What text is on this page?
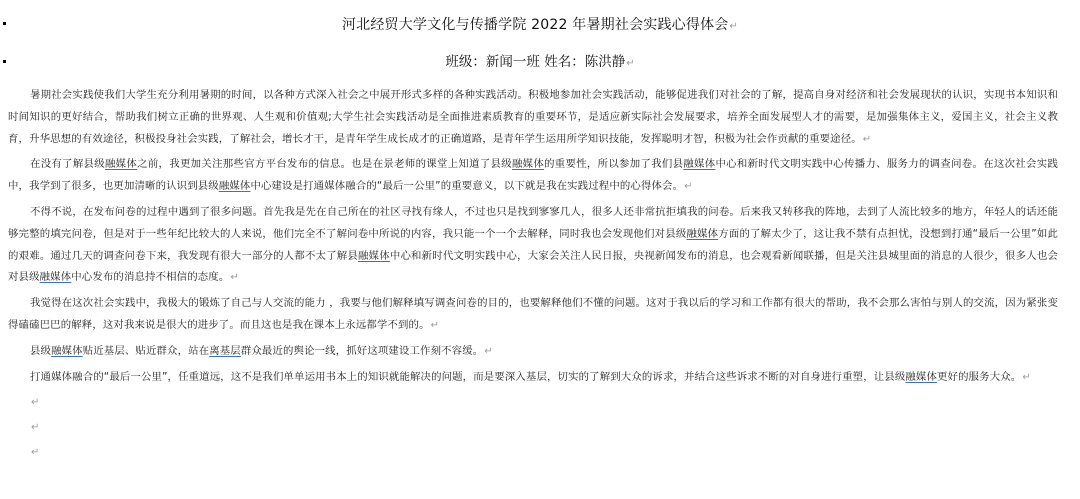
河北经贸大学文化与传播学院 2022 年暑期社会实践心得体会↵
班级：新闻一班 姓名：陈洪静↵

暑期社会实践使我们大学生充分利用暑期的时间，以各种方式深入社会之中展开形式多样的各种实践活动。积极地参加社会实践活动，能够促进我们对社会的了解，提高自身对经济和社会发展现状的认识，实现书本知识和时间知识的更好结合，帮助我们树立正确的世界观、人生观和价值观;大学生社会实践活动是全面推进素质教育的重要环节，是适应新实际社会发展要求，培养全面发展型人才的需要，是加强集体主义，爱国主义，社会主义教育，升华思想的有效途径，积极投身社会实践，了解社会，增长才干，是青年学生成长成才的正确道路，是青年学生运用所学知识技能，发挥聪明才智，积极为社会作贡献的重要途径。↵

在没有了解县级融媒体之前，我更加关注那些官方平台发布的信息。也是在景老师的课堂上知道了县级融媒体的重要性，所以参加了我们县融媒体中心和新时代文明实践中心传播力、服务力的调查问卷。在这次社会实践中，我学到了很多，也更加清晰的认识到县级融媒体中心建设是打通媒体融合的“最后一公里”的重要意义，以下就是我在实践过程中的心得体会。↵

不得不说，在发布问卷的过程中遇到了很多问题。首先我是先在自己所在的社区寻找有缘人，不过也只是找到寥寥几人，很多人还非常抗拒填我的问卷。后来我又转移我的阵地，去到了人流比较多的地方，年轻人的话还能够完整的填完问卷，但是对于一些年纪比较大的人来说，他们完全不了解问卷中所说的内容，我只能一个一个去解释，同时我也会发现他们对县级融媒体方面的了解太少了，这让我不禁有点担忧，没想到打通“最后一公里”如此的艰难。通过几天的调查问卷下来，我发现有很大一部分的人都不太了解县融媒体中心和新时代文明实践中心，大家会关注人民日报，央视新闻发布的消息，也会观看新闻联播，但是关注县城里面的消息的人很少，很多人也会对县级融媒体中心发布的消息持不相信的态度。↵

我觉得在这次社会实践中，我极大的锻炼了自己与人交流的能力 ，我要与他们解释填写调查问卷的目的，也要解释他们不懂的问题。这对于我以后的学习和工作都有很大的帮助，我不会那么害怕与别人的交流，因为紧张变得磕磕巴巴的解释，这对我来说是很大的进步了。而且这也是我在课本上永远都学不到的。↵

县级融媒体贴近基层、贴近群众，站在离基层群众最近的舆论一线，抓好这项建设工作刻不容缓。↵

打通媒体融合的“最后一公里”，任重道远，这不是我们单单运用书本上的知识就能解决的问题，而是要深入基层，切实的了解到大众的诉求，并结合这些诉求不断的对自身进行重塑，让县级融媒体更好的服务大众。↵

↵

↵

↵
